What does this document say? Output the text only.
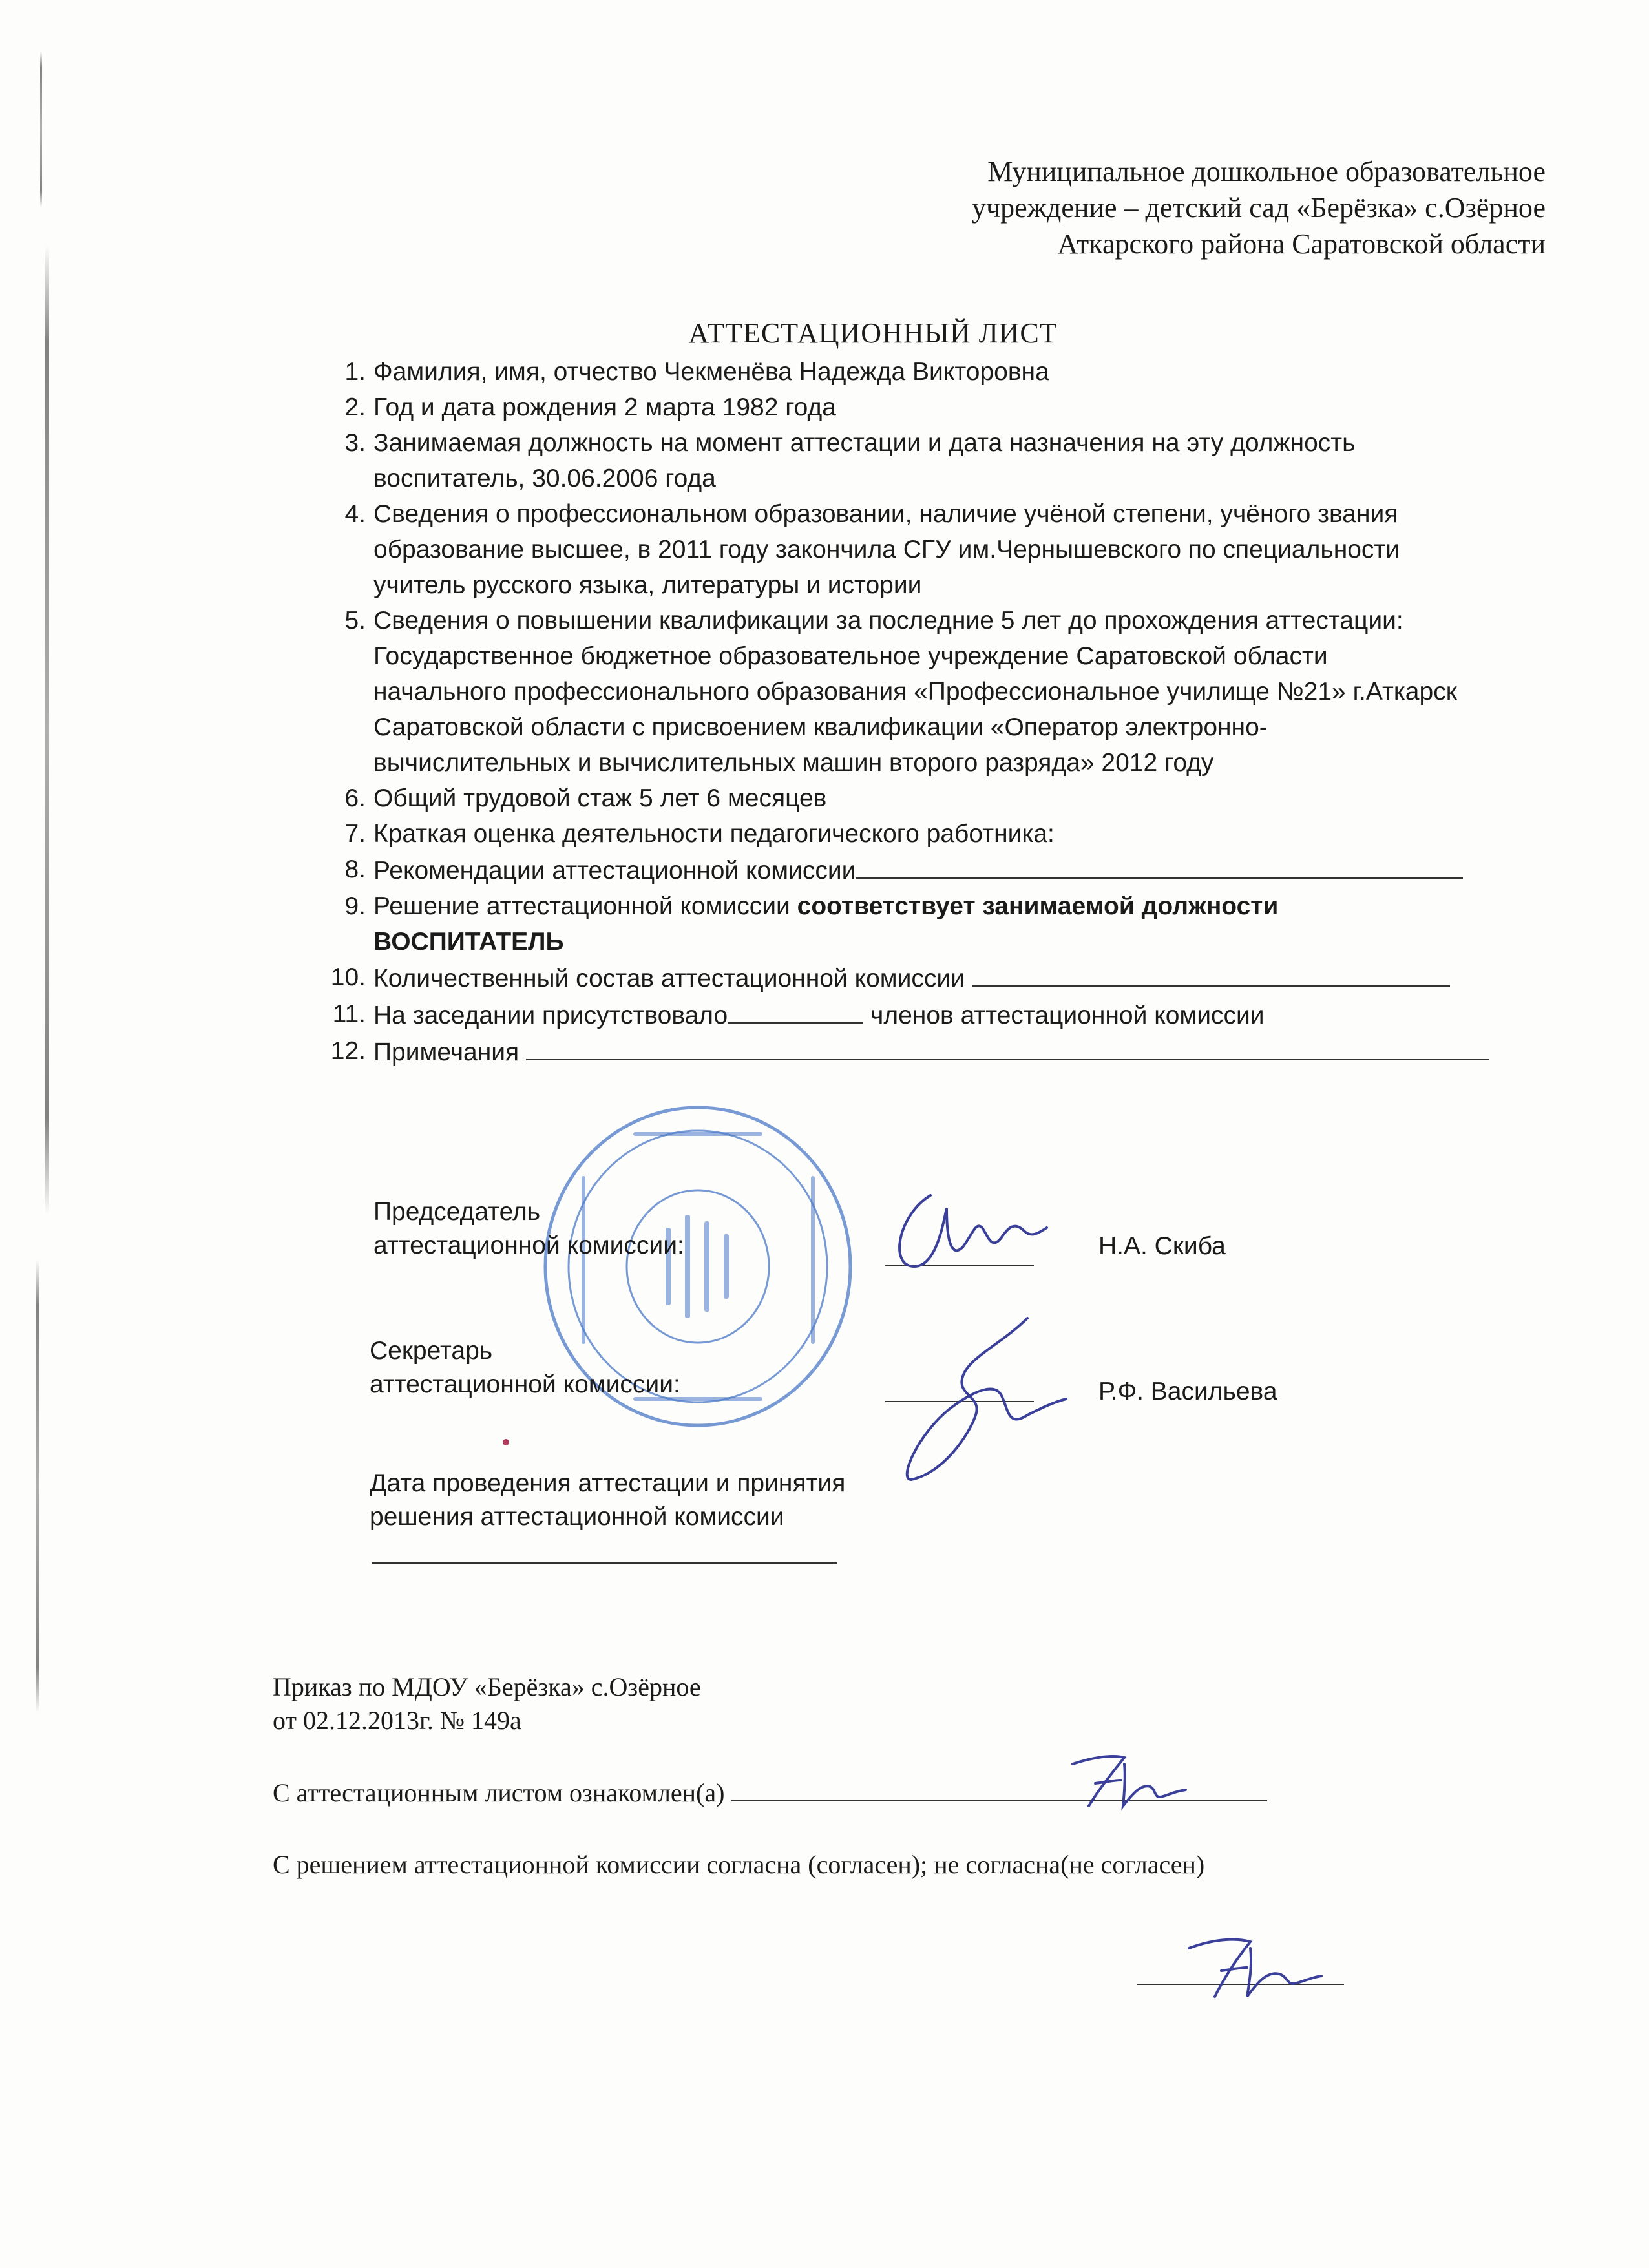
Муниципальное дошкольное образовательное
учреждение – детский сад «Берёзка» с.Озёрное
Аткарского района Саратовской области
АТТЕСТАЦИОННЫЙ ЛИСТ
1 . Фамилия, имя, отчество Чекменёва Надежда Викторовна
2 . Год и дата рождения 2 марта 1982 года
3 . Занимаемая должность на момент аттестации и дата назначения на эту должность
воспитатель, 30.06.2006 года
4 . Сведения о профессиональном образовании, наличие учёной степени, учёного звания
образование высшее, в 2011 году закончила СГУ им.Чернышевского по специальности
учитель русского языка, литературы и истории
5 . Сведения о повышении квалификации за последние 5 лет до прохождения аттестации:
Государственное бюджетное образовательное учреждение Саратовской области
начального профессионального образования «Профессиональное училище №21» г.Аткарск
Саратовской области с присвоением квалификации «Оператор электронно-
вычислительных и вычислительных машин второго разряда» 2012 году
6 . Общий трудовой стаж 5 лет 6 месяцев
7 . Краткая оценка деятельности педагогического работника:
8 . Рекомендации аттестационной комиссии
9 . Решение аттестационной комиссии соответствует занимаемой должности
ВОСПИТАТЕЛЬ
10 . Количественный состав аттестационной комиссии
11 . На заседании присутствовало	членов аттестационной комиссии
12 . Примечания
Председатель
аттестационной комиссии:	Н.А. Скиба
Секретарь
аттестационной комиссии:	Р.Ф. Васильева
Дата проведения аттестации и принятия
решения аттестационной комиссии
Приказ по МДОУ «Берёзка» с.Озёрное
от 02.12.2013г. № 149а
С аттестационным листом ознакомлен(а)
С решением аттестационной комиссии согласна (согласен); не согласна(не согласен)
